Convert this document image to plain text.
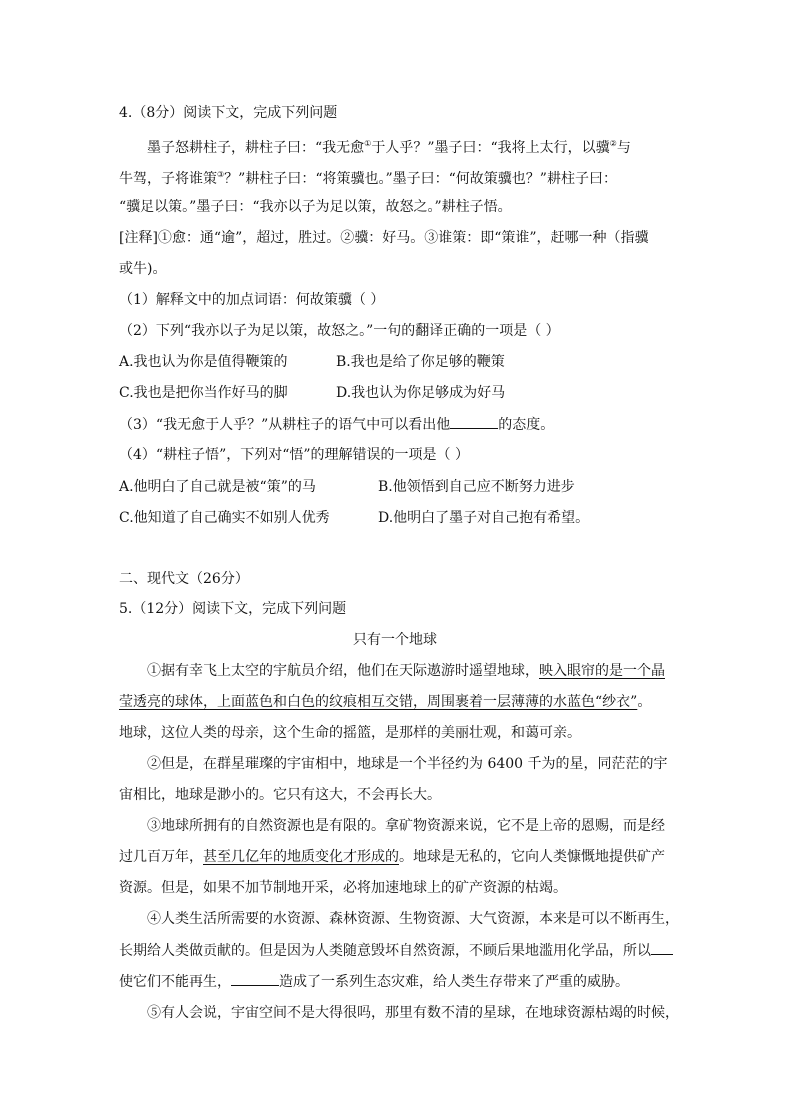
4.（8分）阅读下文，完成下列问题
墨子怒耕柱子，耕柱子曰：“我无愈①于人乎？”墨子曰：“我将上太行，以骥②与
牛驾，子将谁策③？”耕柱子曰：“将策骥也。”墨子曰：“何故策骥也？”耕柱子曰：
“骥足以策。”墨子曰：“我亦以子为足以策，故怒之。”耕柱子悟。
[注释]①愈：通“逾”，超过，胜过。②骥：好马。③谁策：即“策谁”，赶哪一种（指骥
或牛)。
（1）解释文中的加点词语：何故策骥（ ）
（2）下列“我亦以子为足以策，故怒之。”一句的翻译正确的一项是（ ）
A.我也认为你是值得鞭策的	B.我也是给了你足够的鞭策
C.我也是把你当作好马的脚	D.我也认为你足够成为好马
（3）“我无愈于人乎？”从耕柱子的语气中可以看出他	的态度。
（4）“耕柱子悟”，下列对“悟”的理解错误的一项是（ ）
A.他明白了自己就是被“策”的马	B.他领悟到自己应不断努力进步
C.他知道了自己确实不如别人优秀	D.他明白了墨子对自己抱有希望。
二、现代文（26分）
5.（12分）阅读下文，完成下列问题
只有一个地球
①据有幸飞上太空的宇航员介绍，他们在天际遨游时遥望地球，映入眼帘的是一个晶
莹透亮的球体，上面蓝色和白色的纹痕相互交错，周围裹着一层薄薄的水蓝色“纱衣”。
地球，这位人类的母亲，这个生命的摇篮，是那样的美丽壮观，和蔼可亲。
②但是，在群星璀璨的宇宙相中，地球是一个半径约为 6400 千为的星，同茫茫的宇
宙相比，地球是渺小的。它只有这大，不会再长大。
③地球所拥有的自然资源也是有限的。拿矿物资源来说，它不是上帝的恩赐，而是经
过几百万年，甚至几亿年的地质变化才形成的。地球是无私的，它向人类慷慨地提供矿产
资源。但是，如果不加节制地开采，必将加速地球上的矿产资源的枯竭。
④人类生活所需要的水资源、森林资源、生物资源、大气资源，本来是可以不断再生，
长期给人类做贡献的。但是因为人类随意毁坏自然资源，不顾后果地滥用化学品，所以
使它们不能再生，	造成了一系列生态灾难，给人类生存带来了严重的威胁。
⑤有人会说，宇宙空间不是大得很吗，那里有数不清的星球，在地球资源枯竭的时候，
